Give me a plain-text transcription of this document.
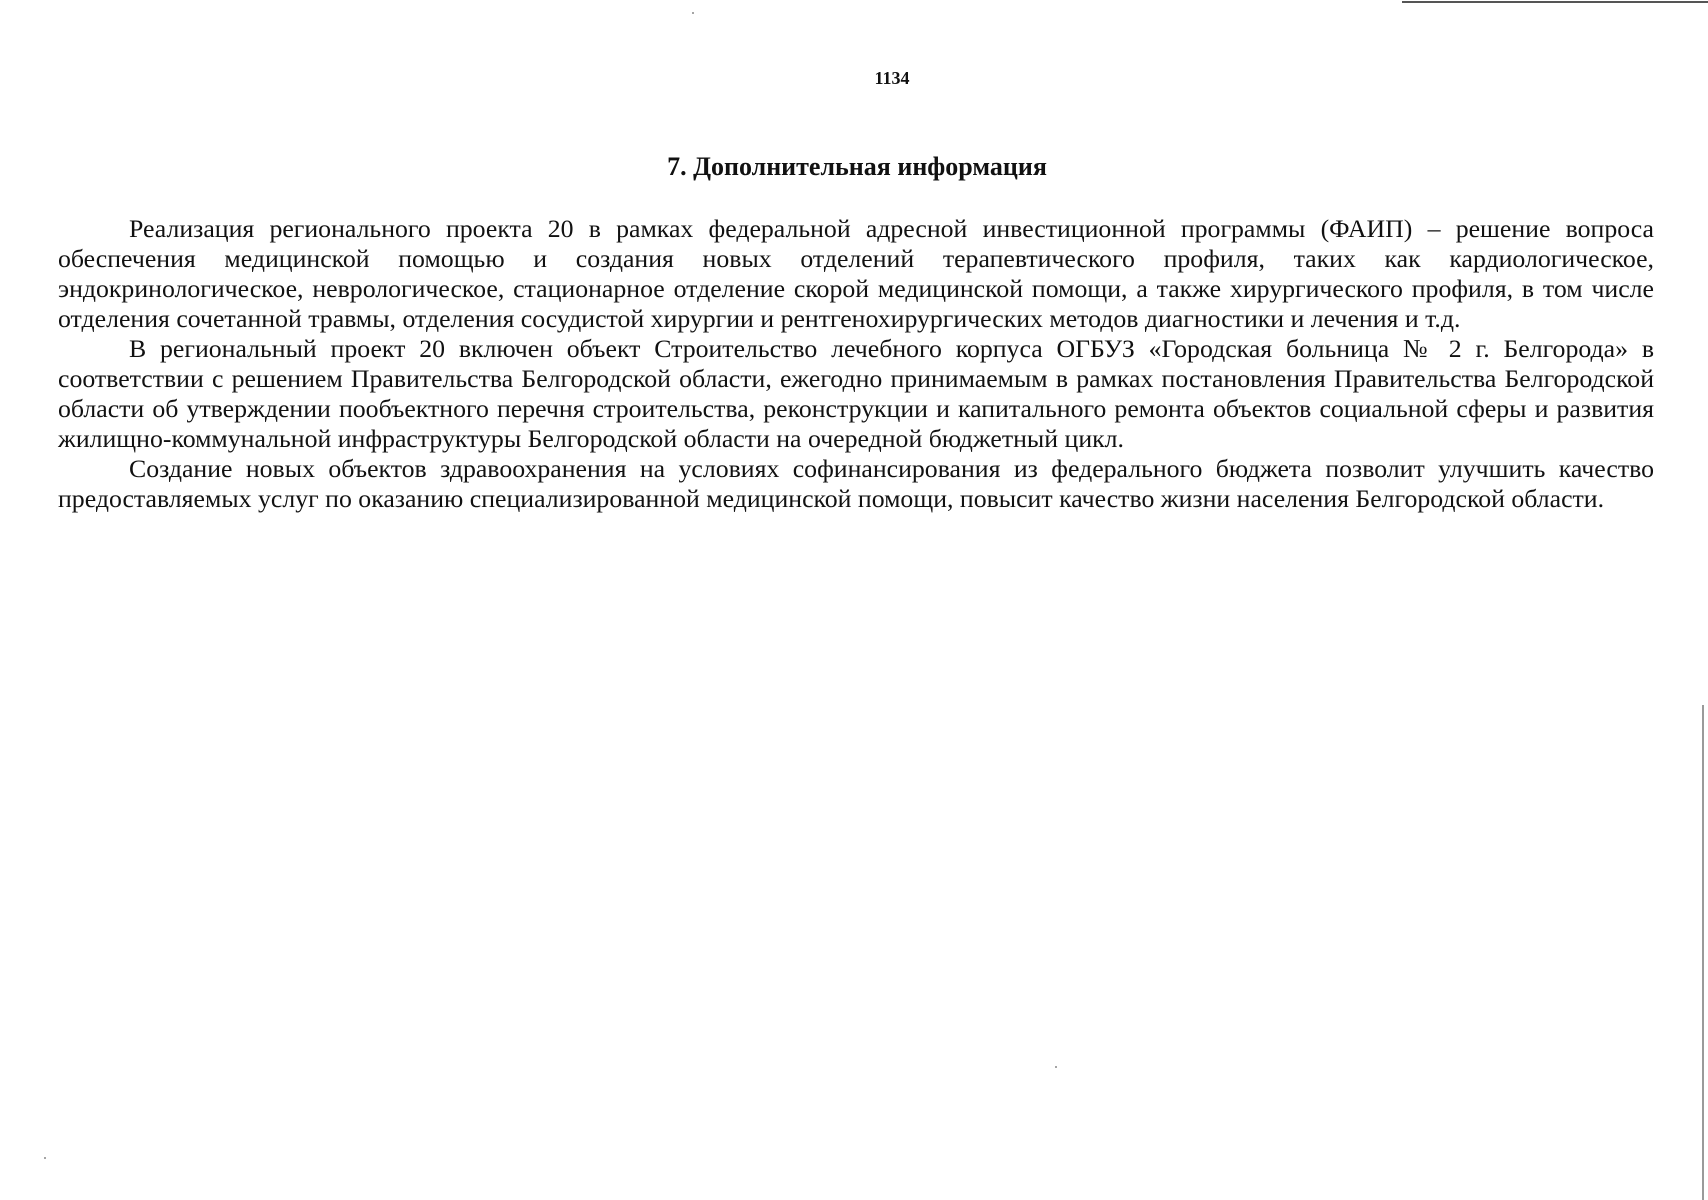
1134
7. Дополнительная информация

Реализация регионального проекта 20 в рамках федеральной адресной инвестиционной программы (ФАИП) – решение вопроса обеспечения медицинской помощью и создания новых отделений терапевтического профиля, таких как кардиологическое, эндокринологическое, неврологическое, стационарное отделение скорой медицинской помощи, а также хирургического профиля, в том числе отделения сочетанной травмы, отделения сосудистой хирургии и рентгенохирургических методов диагностики и лечения и т.д.

В региональный проект 20 включен объект Строительство лечебного корпуса ОГБУЗ «Городская больница № 2 г. Белгорода» в соответствии с решением Правительства Белгородской области, ежегодно принимаемым в рамках постановления Правительства Белгородской области об утверждении пообъектного перечня строительства, реконструкции и капитального ремонта объектов социальной сферы и развития жилищно-коммунальной инфраструктуры Белгородской области на очередной бюджетный цикл.

Создание новых объектов здравоохранения на условиях софинансирования из федерального бюджета позволит улучшить качество предоставляемых услуг по оказанию специализированной медицинской помощи, повысит качество жизни населения Белгородской области.
